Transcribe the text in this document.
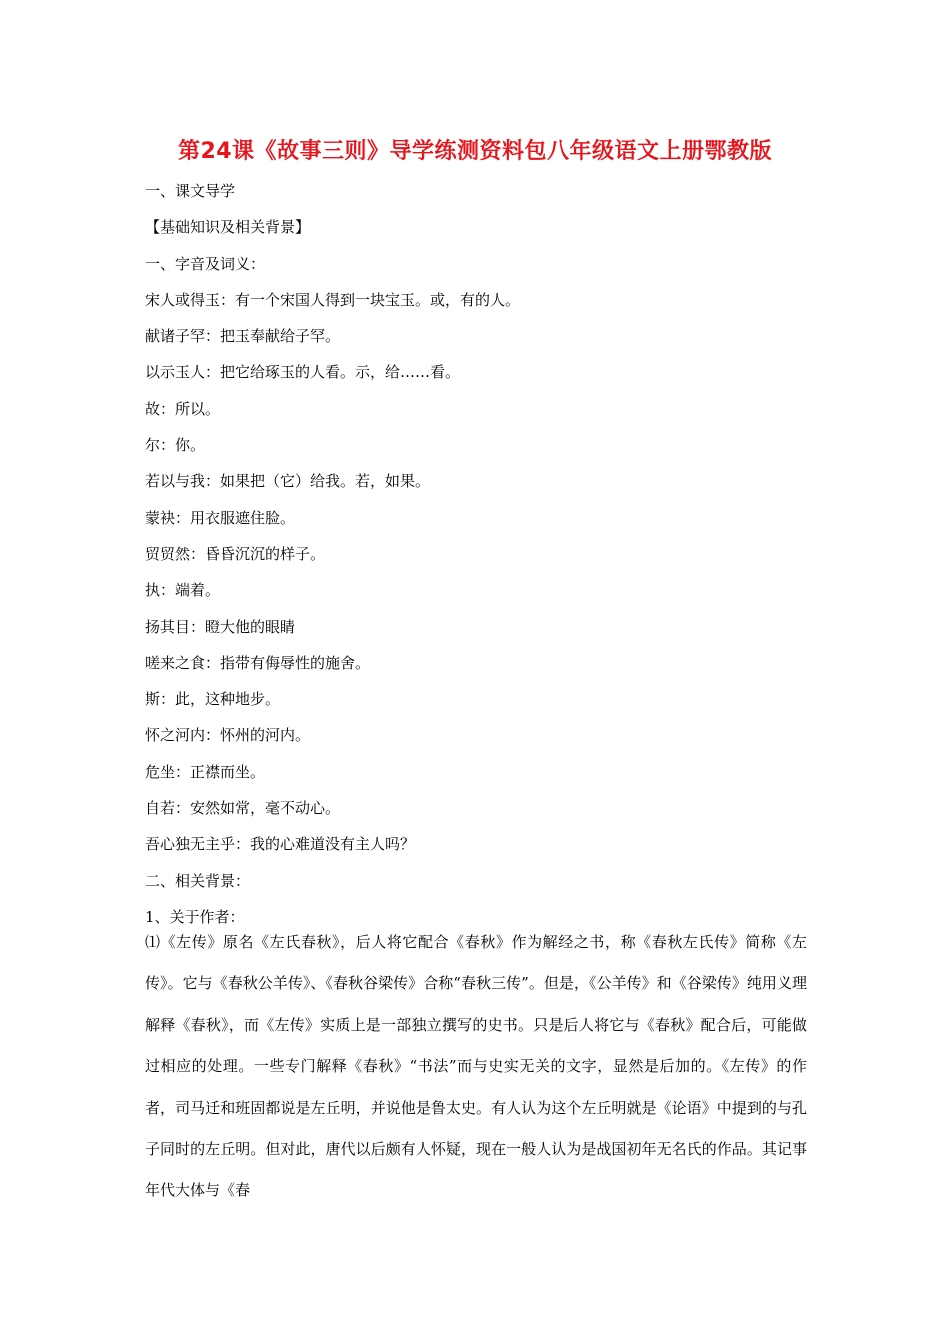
第24课《故事三则》导学练测资料包八年级语文上册鄂教版
一、课文导学
【基础知识及相关背景】
一、字音及词义：
宋人或得玉：有一个宋国人得到一块宝玉。或，有的人。
献诸子罕：把玉奉献给子罕。
以示玉人：把它给琢玉的人看。示，给……看。
故：所以。
尔：你。
若以与我：如果把（它）给我。若，如果。
蒙袂：用衣服遮住脸。
贸贸然：昏昏沉沉的样子。
执：端着。
扬其目：瞪大他的眼睛
嗟来之食：指带有侮辱性的施舍。
斯：此，这种地步。
怀之河内：怀州的河内。
危坐：正襟而坐。
自若：安然如常，毫不动心。
吾心独无主乎：我的心难道没有主人吗？
二、相关背景：
1、关于作者：
⑴《左传》原名《左氏春秋》，后人将它配合《春秋》作为解经之书，称《春秋左氏传》简称《左传》。它与《春秋公羊传》、《春秋谷梁传》合称“春秋三传”。但是，《公羊传》和《谷梁传》纯用义理解释《春秋》，而《左传》实质上是一部独立撰写的史书。只是后人将它与《春秋》配合后，可能做过相应的处理。一些专门解释《春秋》“书法”而与史实无关的文字，显然是后加的。《左传》的作者，司马迁和班固都说是左丘明，并说他是鲁太史。有人认为这个左丘明就是《论语》中提到的与孔子同时的左丘明。但对此，唐代以后颇有人怀疑，现在一般人认为是战国初年无名氏的作品。其记事年代大体与《春
